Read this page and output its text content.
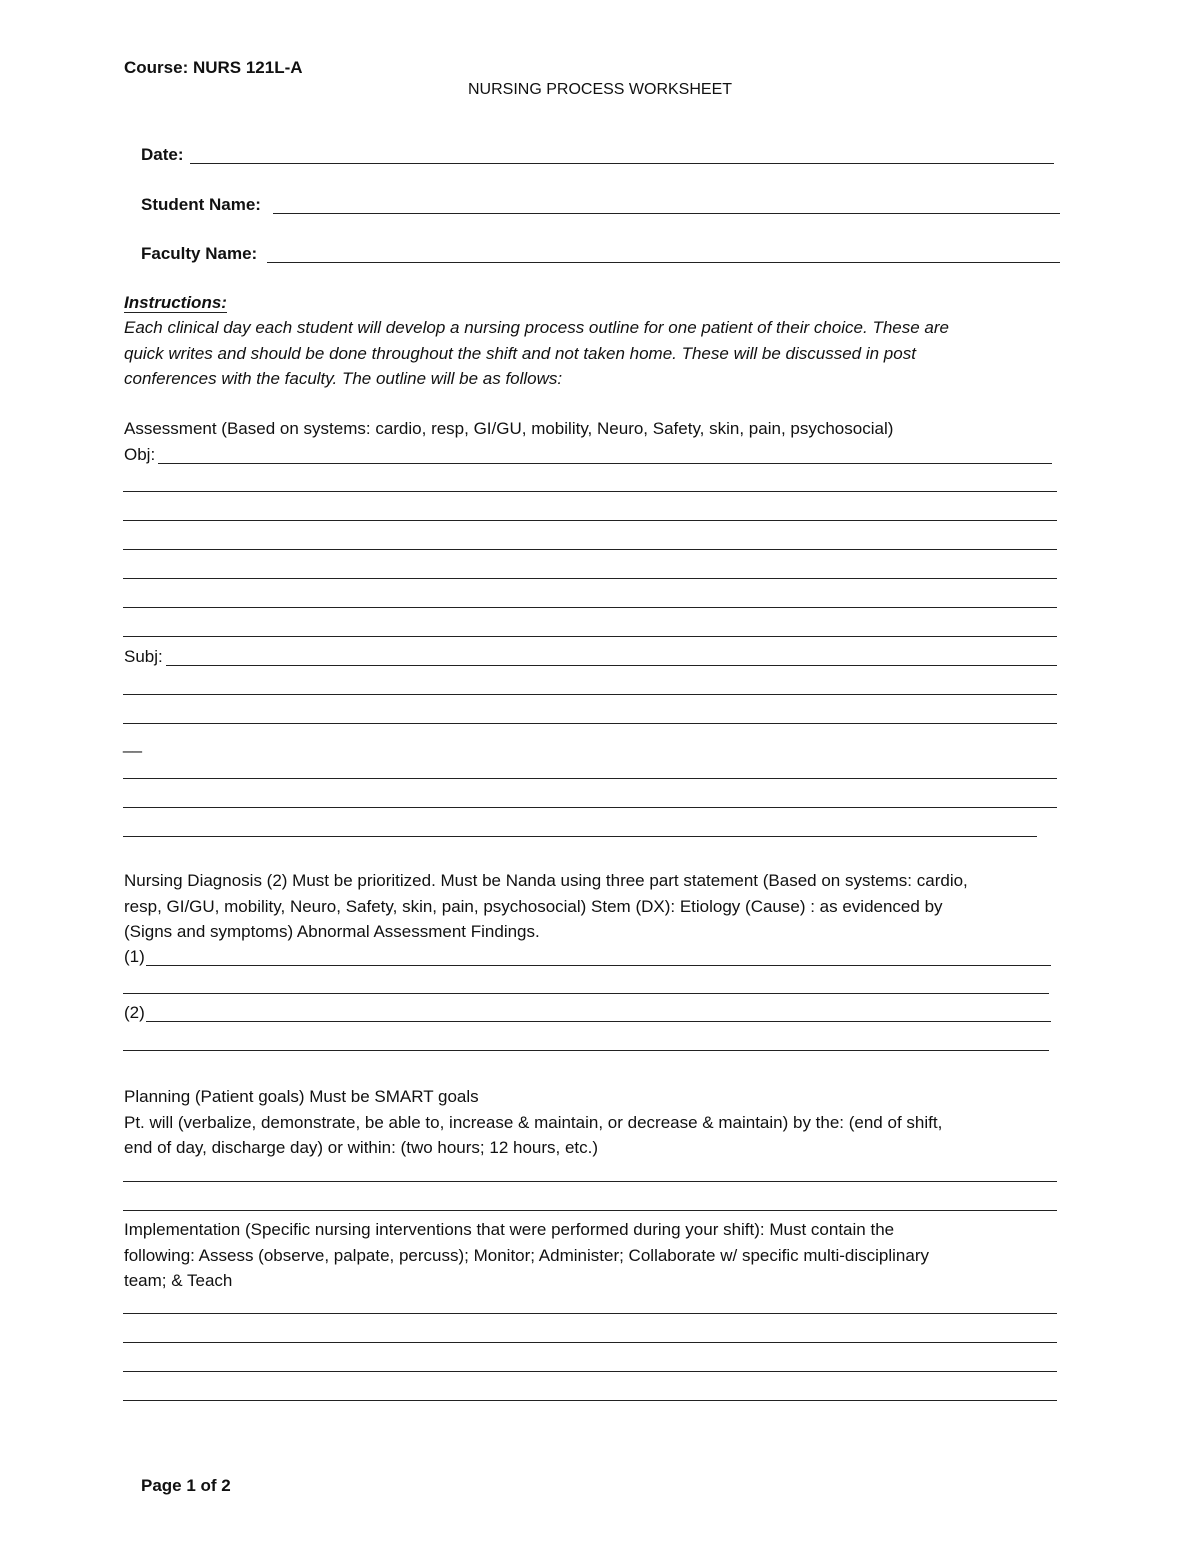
Course: NURS 121L-A
NURSING PROCESS WORKSHEET
Date:
Student Name:
Faculty Name:
Instructions:
Each clinical day each student will develop a nursing process outline for one patient of their choice. These are
quick writes and should be done throughout the shift and not taken home. These will be discussed in post
conferences with the faculty. The outline will be as follows:
Assessment (Based on systems: cardio, resp, GI/GU, mobility, Neuro, Safety, skin, pain, psychosocial)
Obj:
Subj:
__
Nursing Diagnosis (2) Must be prioritized. Must be Nanda using three part statement (Based on systems: cardio,
resp, GI/GU, mobility, Neuro, Safety, skin, pain, psychosocial) Stem (DX): Etiology (Cause) : as evidenced by
(Signs and symptoms) Abnormal Assessment Findings.
(1)
(2)
Planning (Patient goals) Must be SMART goals
Pt. will (verbalize, demonstrate, be able to, increase & maintain, or decrease & maintain) by the: (end of shift,
end of day, discharge day) or within: (two hours; 12 hours, etc.)
Implementation (Specific nursing interventions that were performed during your shift): Must contain the
following: Assess (observe, palpate, percuss); Monitor; Administer; Collaborate w/ specific multi-disciplinary
team; & Teach
Page 1 of 2
